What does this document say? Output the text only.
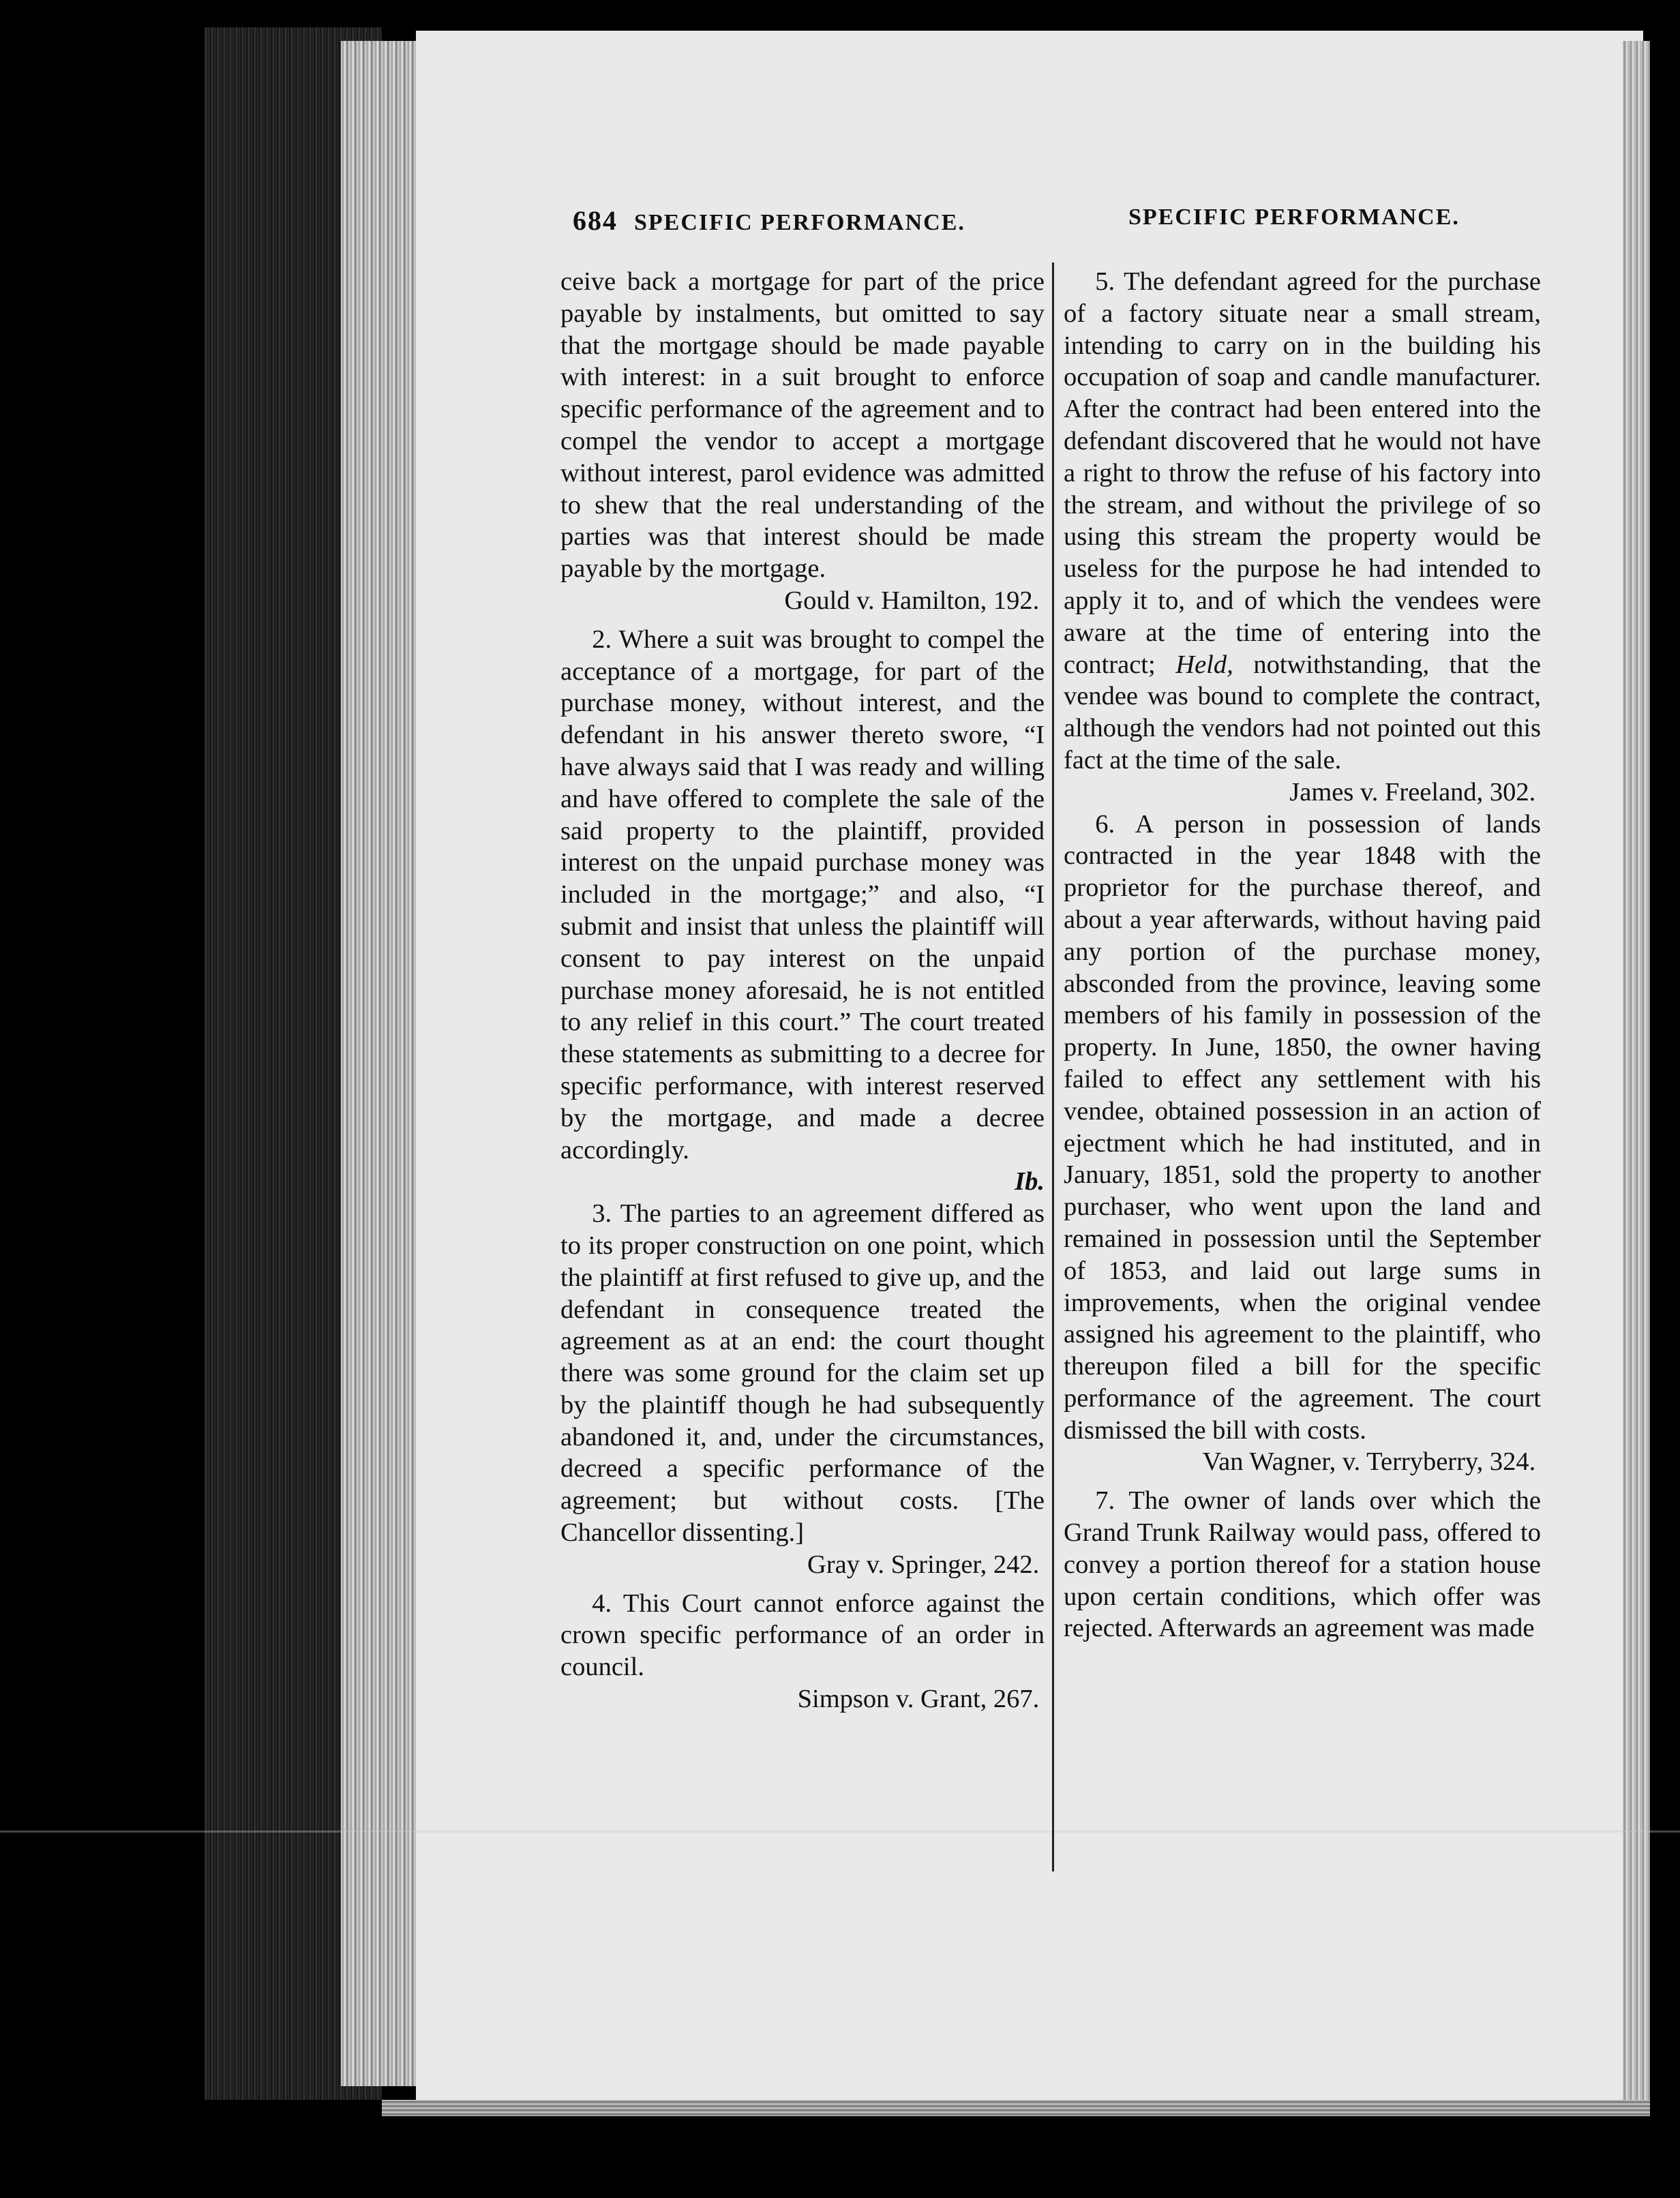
684 SPECIFIC PERFORMANCE.	SPECIFIC PERFORMANCE.

ceive back a mortgage for part of the price payable by instalments, but omitted to say that the mortgage should be made payable with interest: in a suit brought to enforce specific performance of the agreement and to compel the vendor to accept a mortgage without interest, parol evidence was admitted to shew that the real understanding of the parties was that interest should be made payable by the mortgage.

Gould v. Hamilton, 192.

2. Where a suit was brought to compel the acceptance of a mortgage, for part of the purchase money, without interest, and the defendant in his answer thereto swore, “I have always said that I was ready and willing and have offered to complete the sale of the said property to the plaintiff, provided interest on the unpaid purchase money was included in the mortgage;” and also, “I submit and insist that unless the plaintiff will consent to pay interest on the unpaid purchase money aforesaid, he is not entitled to any relief in this court.” The court treated these statements as submitting to a decree for specific performance, with interest reserved by the mortgage, and made a decree accordingly.

Ib.

3. The parties to an agreement differed as to its proper construction on one point, which the plaintiff at first refused to give up, and the defendant in consequence treated the agreement as at an end: the court thought there was some ground for the claim set up by the plaintiff though he had subsequently abandoned it, and, under the circumstances, decreed a specific performance of the agreement; but without costs. [The Chancellor dissenting.]

Gray v. Springer, 242.

4. This Court cannot enforce against the crown specific performance of an order in council.

Simpson v. Grant, 267.

5. The defendant agreed for the purchase of a factory situate near a small stream, intending to carry on in the building his occupation of soap and candle manufacturer. After the contract had been entered into the defendant discovered that he would not have a right to throw the refuse of his factory into the stream, and without the privilege of so using this stream the property would be useless for the purpose he had intended to apply it to, and of which the vendees were aware at the time of entering into the contract; Held, notwithstanding, that the vendee was bound to complete the contract, although the vendors had not pointed out this fact at the time of the sale.

James v. Freeland, 302.

6. A person in possession of lands contracted in the year 1848 with the proprietor for the purchase thereof, and about a year afterwards, without having paid any portion of the purchase money, absconded from the province, leaving some members of his family in possession of the property. In June, 1850, the owner having failed to effect any settlement with his vendee, obtained possession in an action of ejectment which he had instituted, and in January, 1851, sold the property to another purchaser, who went upon the land and remained in possession until the September of 1853, and laid out large sums in improvements, when the original vendee assigned his agreement to the plaintiff, who thereupon filed a bill for the specific performance of the agreement. The court dismissed the bill with costs.

Van Wagner, v. Terryberry, 324.

7. The owner of lands over which the Grand Trunk Railway would pass, offered to convey a portion thereof for a station house upon certain conditions, which offer was rejected. Afterwards an agreement was made
